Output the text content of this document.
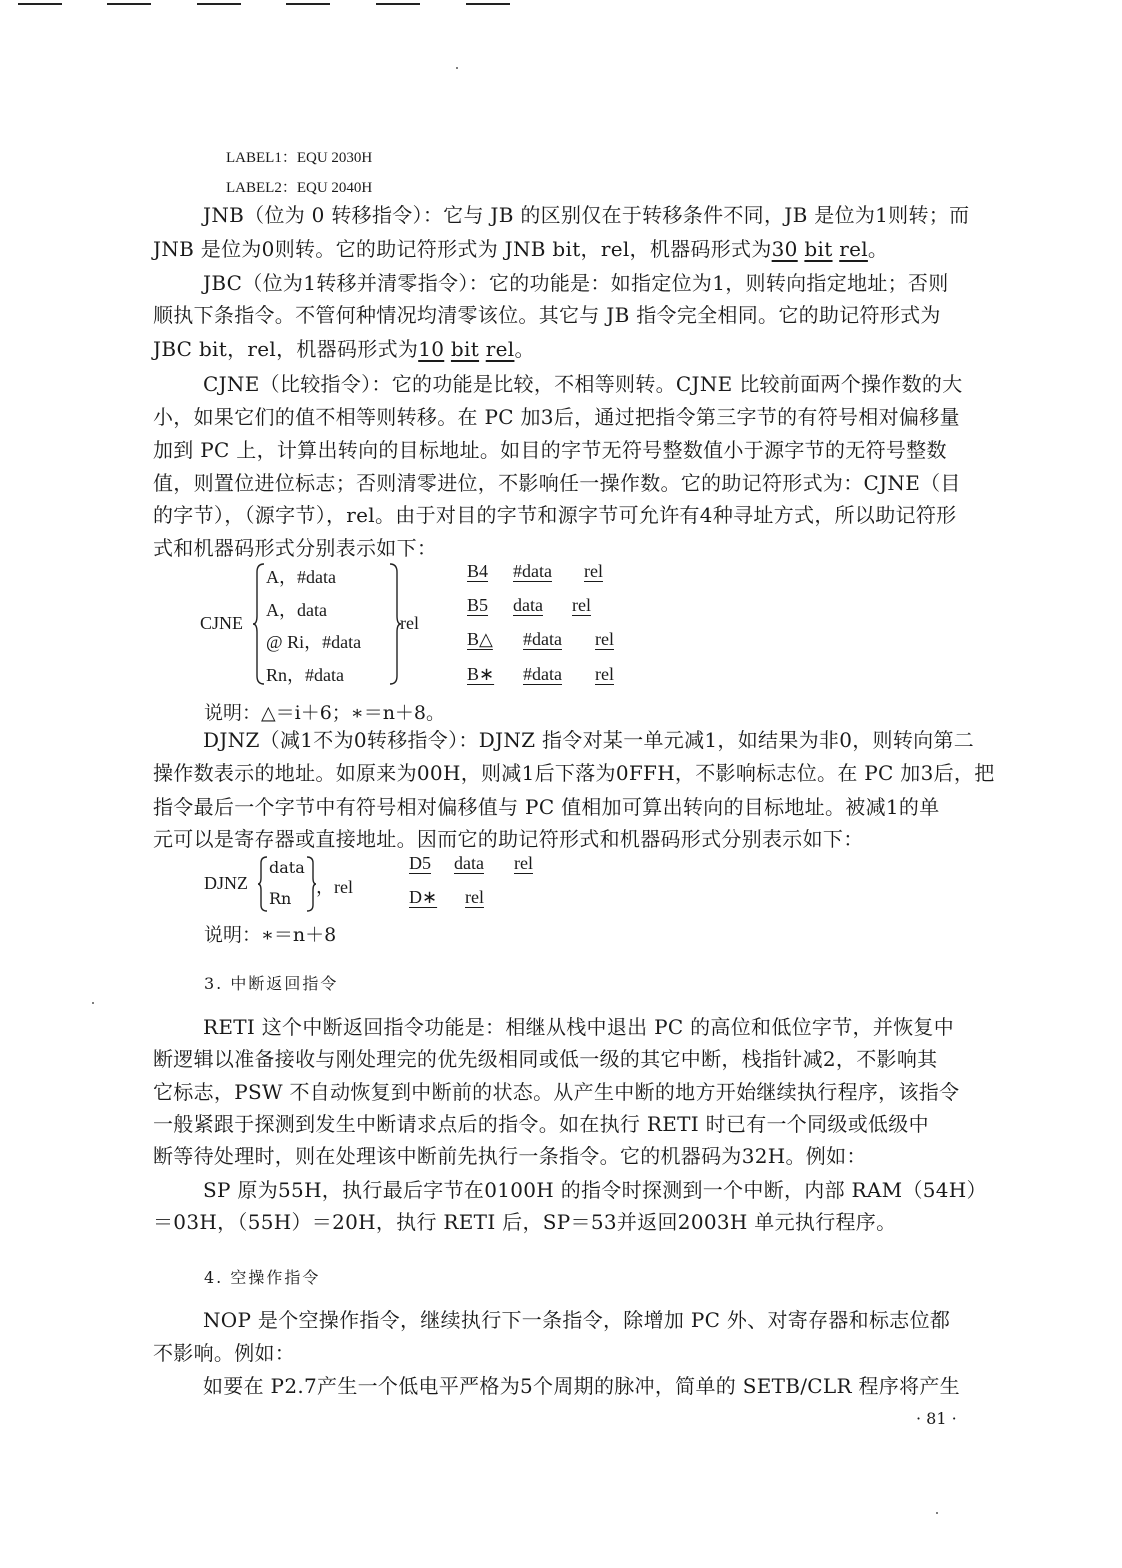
LABEL1：EQU 2030H
LABEL2：EQU 2040H
JNB（位为 0 转移指令）：它与 JB 的区别仅在于转移条件不同，JB 是位为1则转；而
JNB 是位为0则转。它的助记符形式为 JNB bit，rel，机器码形式为30 bit rel。
JBC（位为1转移并清零指令）：它的功能是：如指定位为1，则转向指定地址；否则
顺执下条指令。不管何种情况均清零该位。其它与 JB 指令完全相同。它的助记符形式为
JBC bit，rel，机器码形式为10 bit rel。
CJNE（比较指令）：它的功能是比较，不相等则转。CJNE 比较前面两个操作数的大
小，如果它们的值不相等则转移。在 PC 加3后，通过把指令第三字节的有符号相对偏移量
加到 PC 上，计算出转向的目标地址。如目的字节无符号整数值小于源字节的无符号整数
值，则置位进位标志；否则清零进位，不影响任一操作数。它的助记符形式为：CJNE（目
的字节），（源字节），rel。由于对目的字节和源字节可允许有4种寻址方式，所以助记符形
式和机器码形式分别表示如下：
CJNE
A，#data
A，data
@ Ri，#data
Rn，#data
rel
B4 #data rel
B5 data rel
B△ #data rel
B∗ #data rel
说明：△＝i＋6；∗＝n＋8。
DJNZ（减1不为0转移指令）：DJNZ 指令对某一单元减1，如结果为非0，则转向第二
操作数表示的地址。如原来为00H，则减1后下落为0FFH，不影响标志位。在 PC 加3后，把
指令最后一个字节中有符号相对偏移值与 PC 值相加可算出转向的目标地址。被减1的单
元可以是寄存器或直接地址。因而它的助记符形式和机器码形式分别表示如下：
DJNZ
data
Rn
，rel
D5 data rel
D∗ rel
说明：∗＝n＋8
3. 中断返回指令
RETI 这个中断返回指令功能是：相继从栈中退出 PC 的高位和低位字节，并恢复中
断逻辑以准备接收与刚处理完的优先级相同或低一级的其它中断，栈指针减2，不影响其
它标志，PSW 不自动恢复到中断前的状态。从产生中断的地方开始继续执行程序，该指令
一般紧跟于探测到发生中断请求点后的指令。如在执行 RETI 时已有一个同级或低级中
断等待处理时，则在处理该中断前先执行一条指令。它的机器码为32H。例如：
SP 原为55H，执行最后字节在0100H 的指令时探测到一个中断，内部 RAM（54H）
＝03H，（55H）＝20H，执行 RETI 后，SP＝53并返回2003H 单元执行程序。
4. 空操作指令
NOP 是个空操作指令，继续执行下一条指令，除增加 PC 外、对寄存器和标志位都
不影响。例如：
如要在 P2.7产生一个低电平严格为5个周期的脉冲，简单的 SETB/CLR 程序将产生
· 81 ·
